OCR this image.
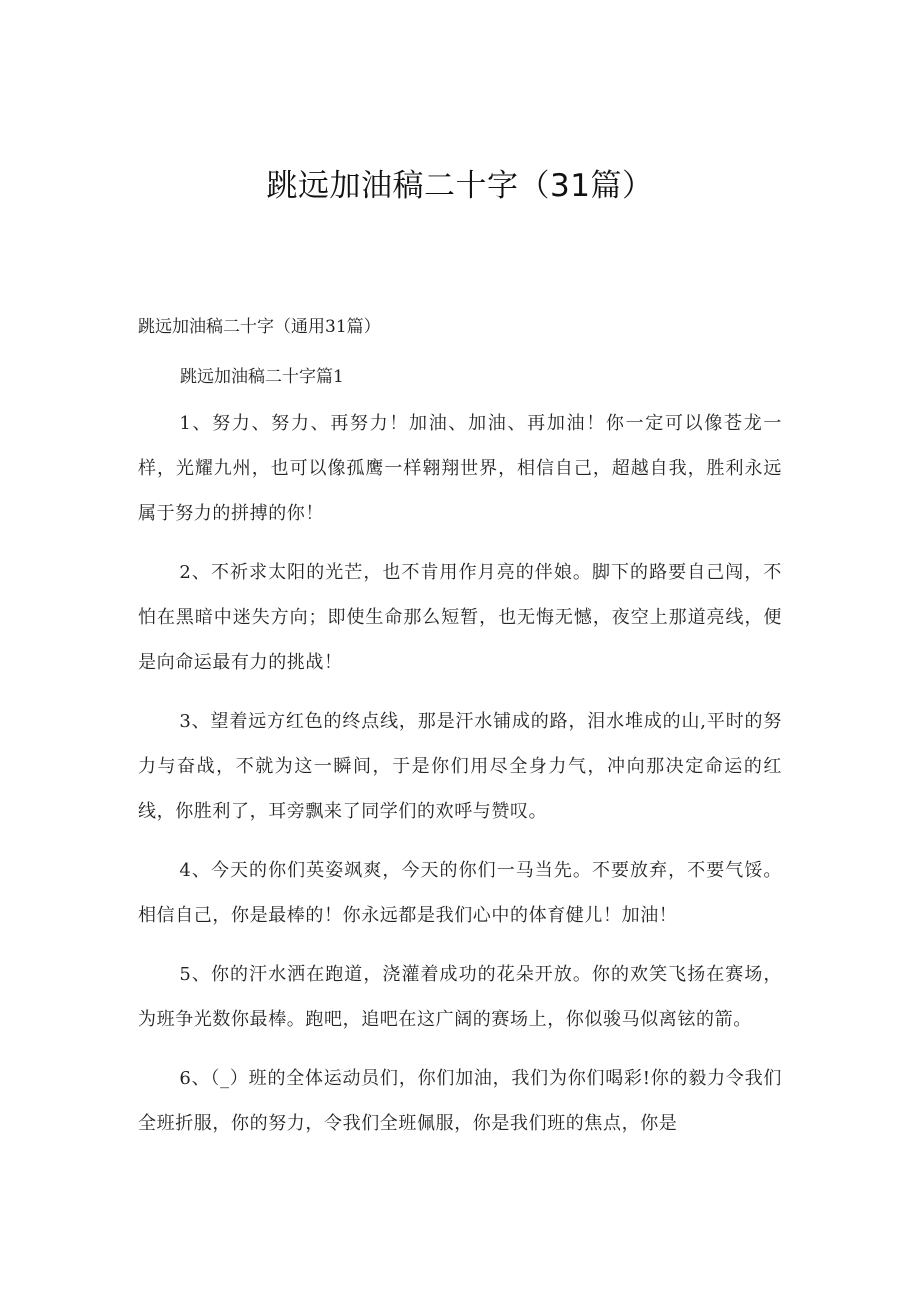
跳远加油稿二十字（31篇）

跳远加油稿二十字（通用31篇）

跳远加油稿二十字篇1

1、努力、努力、再努力！加油、加油、再加油！你一定可以像苍龙一样，光耀九州，也可以像孤鹰一样翱翔世界，相信自己，超越自我，胜利永远属于努力的拼搏的你！

2、不祈求太阳的光芒，也不肯用作月亮的伴娘。脚下的路要自己闯，不怕在黑暗中迷失方向；即使生命那么短暂，也无悔无憾，夜空上那道亮线，便是向命运最有力的挑战！

3、望着远方红色的终点线，那是汗水铺成的路，泪水堆成的山,平时的努力与奋战，不就为这一瞬间，于是你们用尽全身力气，冲向那决定命运的红线，你胜利了，耳旁飘来了同学们的欢呼与赞叹。

4、今天的你们英姿飒爽，今天的你们一马当先。不要放弃，不要气馁。相信自己，你是最棒的！你永远都是我们心中的体育健儿！加油！

5、你的汗水洒在跑道，浇灌着成功的花朵开放。你的欢笑飞扬在赛场，为班争光数你最棒。跑吧，追吧在这广阔的赛场上，你似骏马似离铉的箭。

6、（_）班的全体运动员们，你们加油，我们为你们喝彩!你的毅力令我们全班折服，你的努力，令我们全班佩服，你是我们班的焦点，你是
